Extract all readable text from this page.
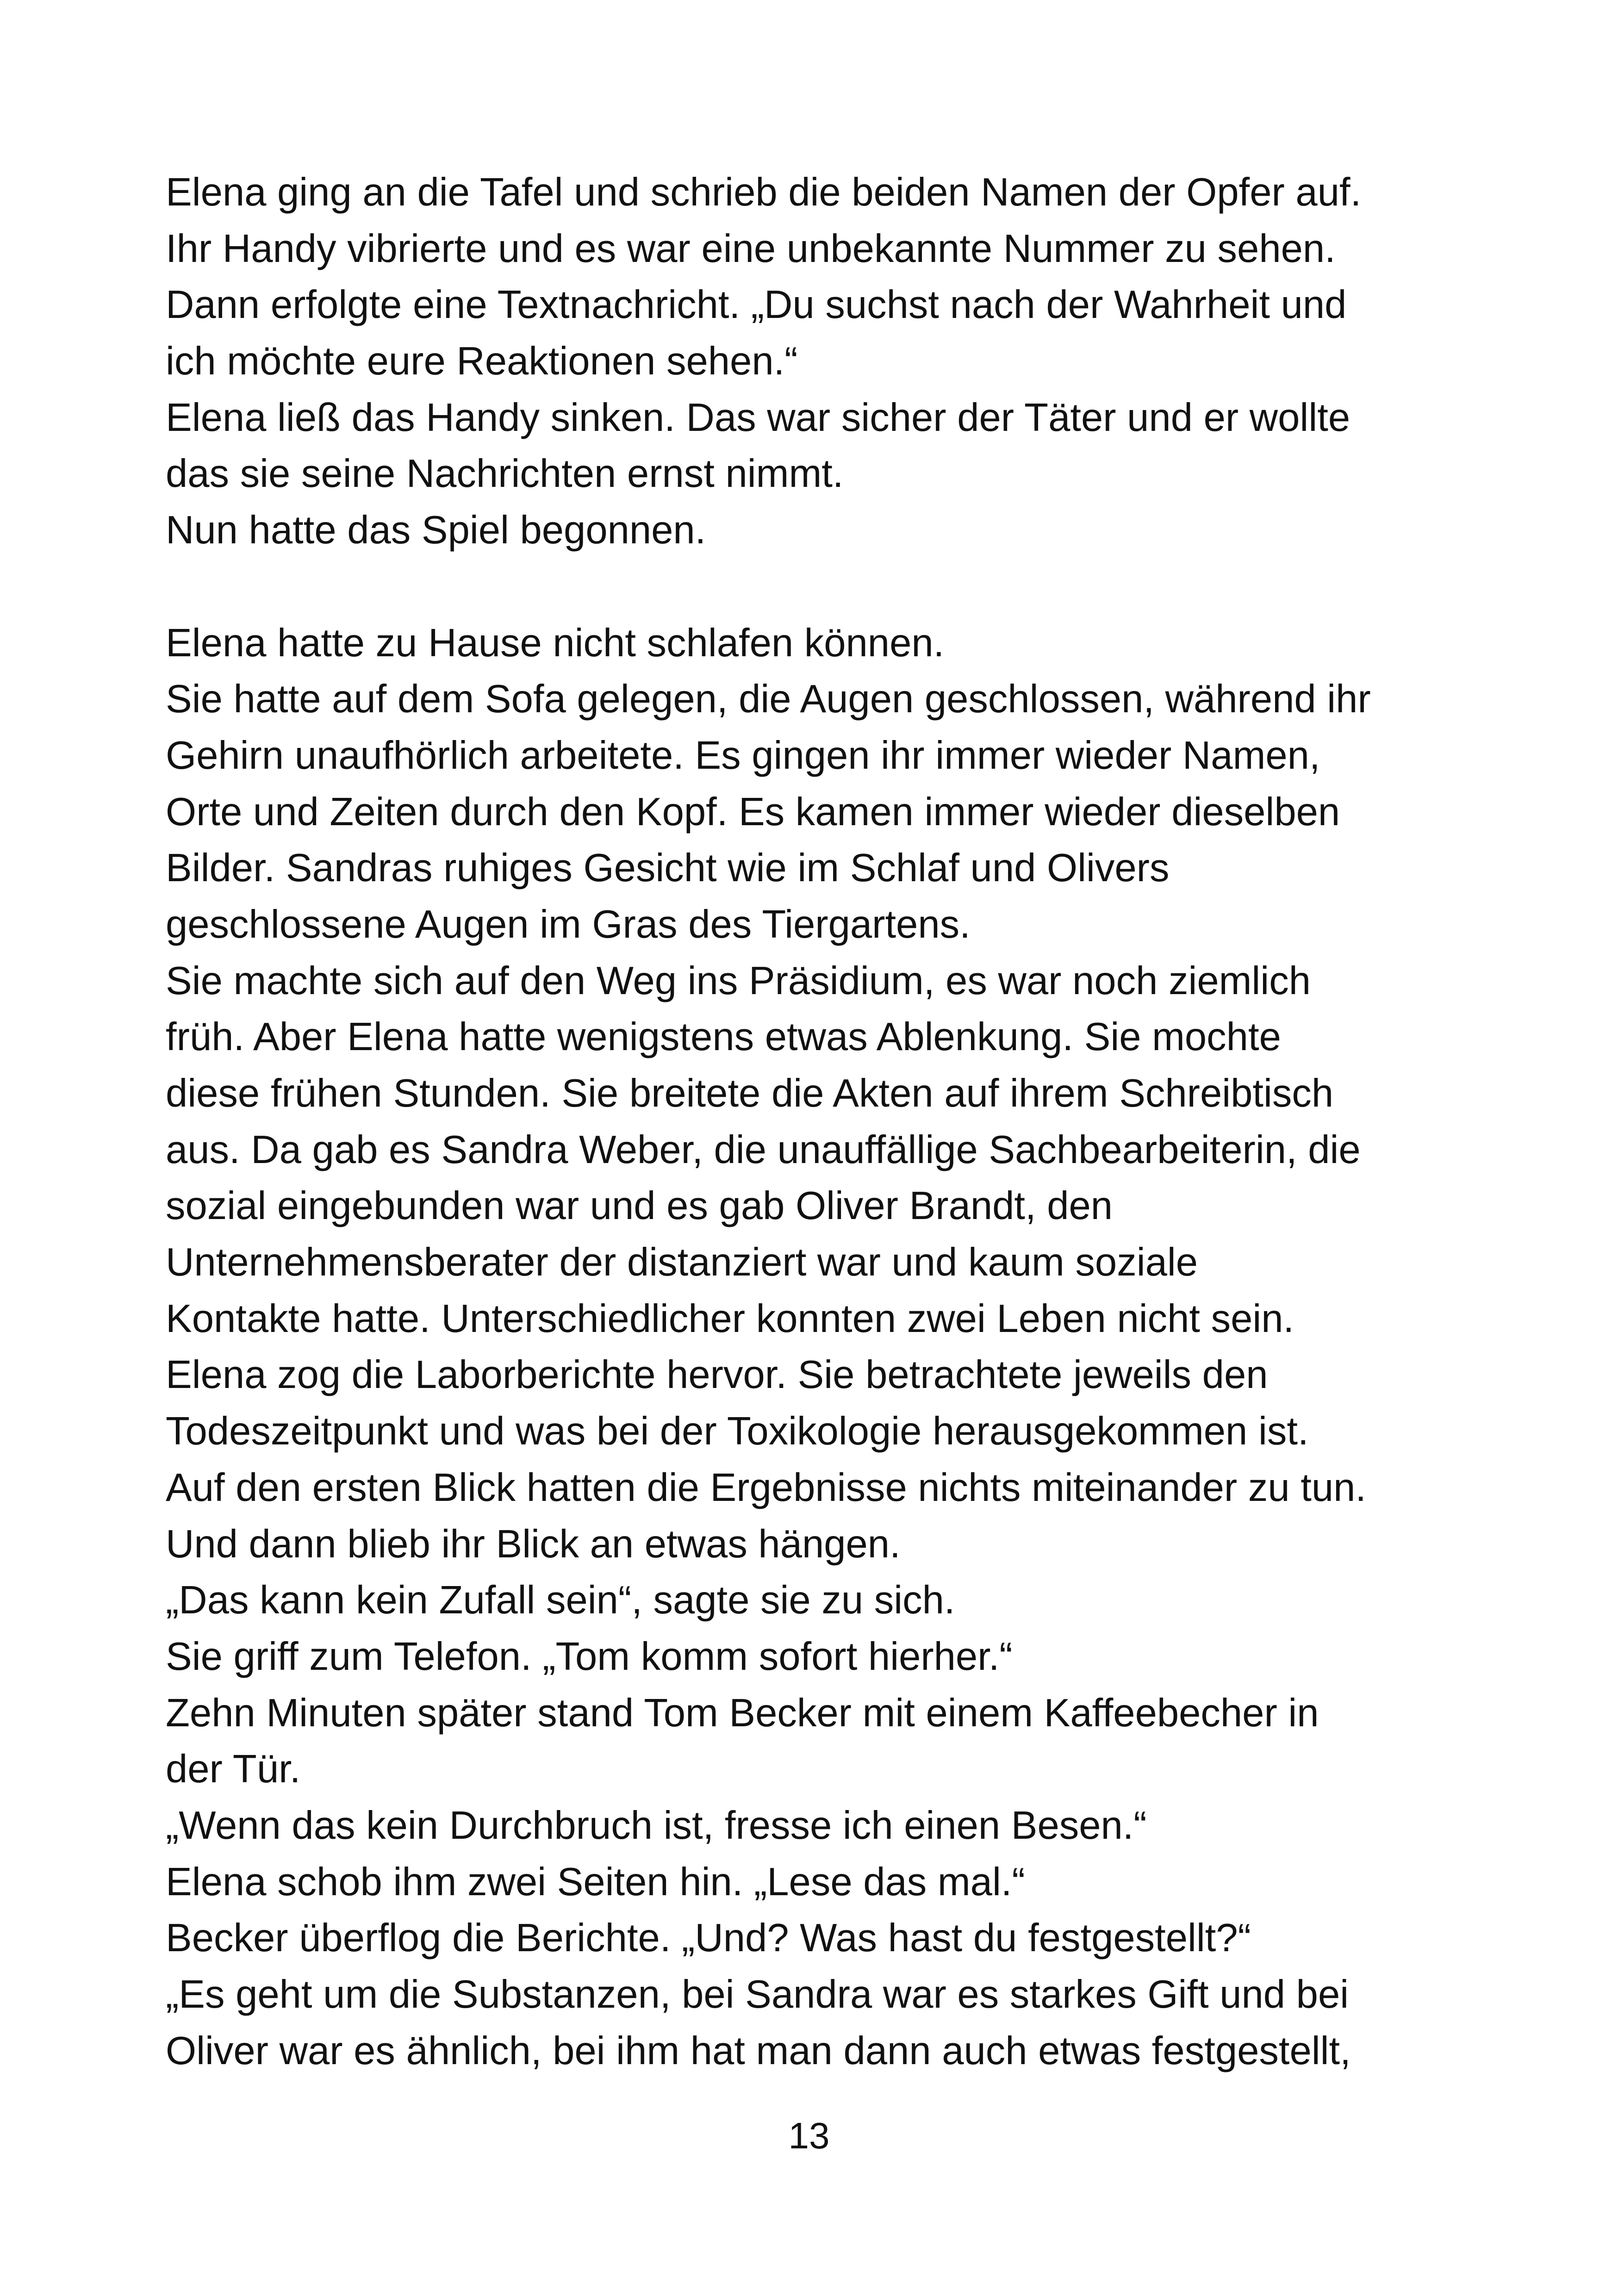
Elena ging an die Tafel und schrieb die beiden Namen der Opfer auf.
Ihr Handy vibrierte und es war eine unbekannte Nummer zu sehen.
Dann erfolgte eine Textnachricht. „Du suchst nach der Wahrheit und
ich möchte eure Reaktionen sehen.“
Elena ließ das Handy sinken. Das war sicher der Täter und er wollte
das sie seine Nachrichten ernst nimmt.
Nun hatte das Spiel begonnen.
Elena hatte zu Hause nicht schlafen können.
Sie hatte auf dem Sofa gelegen, die Augen geschlossen, während ihr
Gehirn unaufhörlich arbeitete. Es gingen ihr immer wieder Namen,
Orte und Zeiten durch den Kopf. Es kamen immer wieder dieselben
Bilder. Sandras ruhiges Gesicht wie im Schlaf und Olivers
geschlossene Augen im Gras des Tiergartens.
Sie machte sich auf den Weg ins Präsidium, es war noch ziemlich
früh. Aber Elena hatte wenigstens etwas Ablenkung. Sie mochte
diese frühen Stunden. Sie breitete die Akten auf ihrem Schreibtisch
aus. Da gab es Sandra Weber, die unauffällige Sachbearbeiterin, die
sozial eingebunden war und es gab Oliver Brandt, den
Unternehmensberater der distanziert war und kaum soziale
Kontakte hatte. Unterschiedlicher konnten zwei Leben nicht sein.
Elena zog die Laborberichte hervor. Sie betrachtete jeweils den
Todeszeitpunkt und was bei der Toxikologie herausgekommen ist.
Auf den ersten Blick hatten die Ergebnisse nichts miteinander zu tun.
Und dann blieb ihr Blick an etwas hängen.
„Das kann kein Zufall sein“, sagte sie zu sich.
Sie griff zum Telefon. „Tom komm sofort hierher.“
Zehn Minuten später stand Tom Becker mit einem Kaffeebecher in
der Tür.
„Wenn das kein Durchbruch ist, fresse ich einen Besen.“
Elena schob ihm zwei Seiten hin. „Lese das mal.“
Becker überflog die Berichte. „Und? Was hast du festgestellt?“
„Es geht um die Substanzen, bei Sandra war es starkes Gift und bei
Oliver war es ähnlich, bei ihm hat man dann auch etwas festgestellt,
13
